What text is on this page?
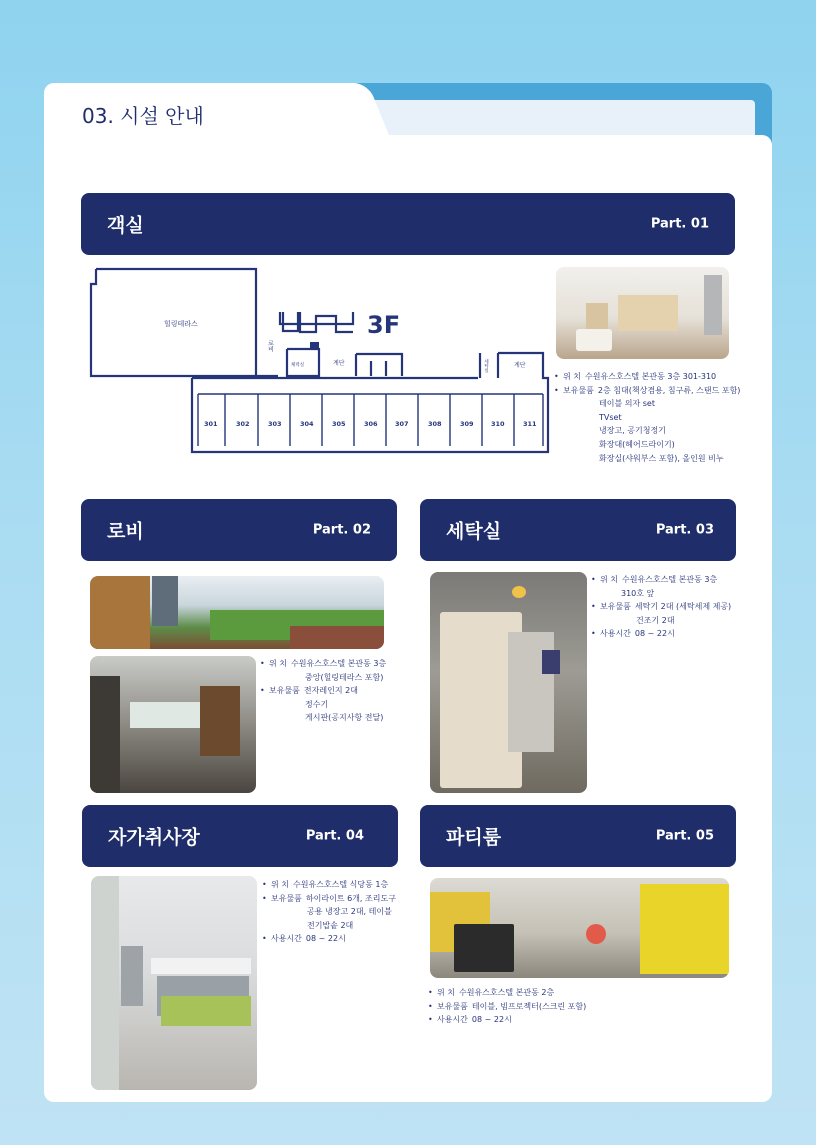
03. 시설 안내
객실	Part. 01
힐링테라스
로비
체력실	계단	계단
세탁실
301	302	303	304	305	306	307	308	309	310	311
3F
• 위 치 수원유스호스텔 본관동 3층 301-310
• 보유물품 2층 침대(책상겸용, 침구류, 스탠드 포함)
테이블 의자 set
TVset
냉장고, 공기청정기
화장대(헤어드라이기)
화장실(샤워부스 포함), 올인원 비누
로비	Part. 02
• 위 치 수원유스호스텔 본관동 3층
중앙(힐링테라스 포함)
• 보유물품 전자레인지 2대
정수기
게시판(공지사항 전달)
세탁실	Part. 03
• 위 치 수원유스호스텔 본관동 3층
310호 앞
• 보유물품 세탁기 2대 (세탁세제 제공)
건조기 2대
• 사용시간 08 ~ 22시
자가취사장	Part. 04
• 위 치 수원유스호스텔 식당동 1층
• 보유물품 하이라이트 6개, 조리도구
공용 냉장고 2대, 테이블
전기밥솥 2대
• 사용시간 08 ~ 22시
파티룸	Part. 05
• 위 치 수원유스호스텔 본관동 2층
• 보유물품 테이블, 빔프로젝터(스크린 포함)
• 사용시간 08 ~ 22시
